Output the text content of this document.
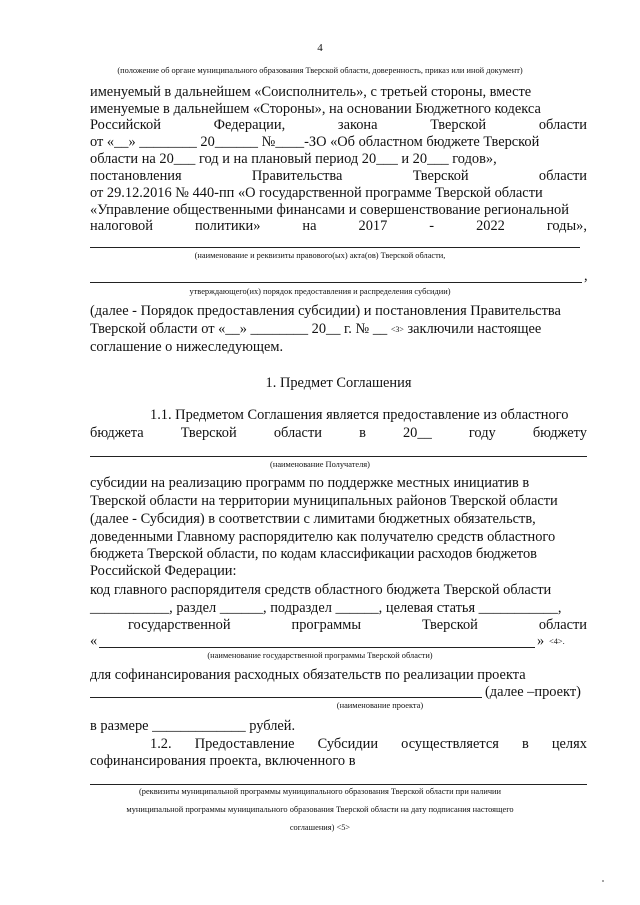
4
(положение об органе муниципального образования Тверской области, доверенность, приказ или иной документ)
именуемый в дальнейшем «Соисполнитель», с третьей стороны, вместе
именуемые в дальнейшем «Стороны», на основании Бюджетного кодекса
Российской	Федерации,	закона	Тверской	области
от «__» ________ 20______ №____-ЗО «Об областном бюджете Тверской
области на 20___ год и на плановый период 20___ и 20___ годов»,
постановления	Правительства	Тверской	области
от 29.12.2016 № 440-пп «О государственной программе Тверской области
«Управление общественными финансами и совершенствование региональной
налоговой	политики»	на	2017	-	2022	годы»,
(наименование и реквизиты правового(ых) акта(ов) Тверской области,
,
утверждающего(их) порядок предоставления и распределения субсидии)
(далее - Порядок предоставления субсидии) и постановления Правительства
Тверской области от «__» ________ 20__ г. № __ <3> заключили настоящее
соглашение о нижеследующем.
1. Предмет Соглашения
1.1. Предметом Соглашения является предоставление из областного
бюджета	Тверской	области	в	20__	году	бюджету
(наименование Получателя)
субсидии на реализацию программ по поддержке местных инициатив в
Тверской области на территории муниципальных районов Тверской области
(далее - Субсидия) в соответствии с лимитами бюджетных обязательств,
доведенными Главному распорядителю как получателю средств областного
бюджета Тверской области, по кодам классификации расходов бюджетов
Российской Федерации:
код главного распорядителя средств областного бюджета Тверской области
___________, раздел ______, подраздел ______, целевая статья ___________,
государственной	программы	Тверской	области
«	» <4>.
(наименование государственной программы Тверской области)
для софинансирования расходных обязательств по реализации проекта
(далее –проект)
(наименование проекта)
в размере _____________ рублей.
1.2. Предоставление Субсидии осуществляется в целях
софинансирования проекта, включенного в
(реквизиты муниципальной программы муниципального образования Тверской области при наличии
муниципальной программы муниципального образования Тверской области на дату подписания настоящего
соглашения) <5>
